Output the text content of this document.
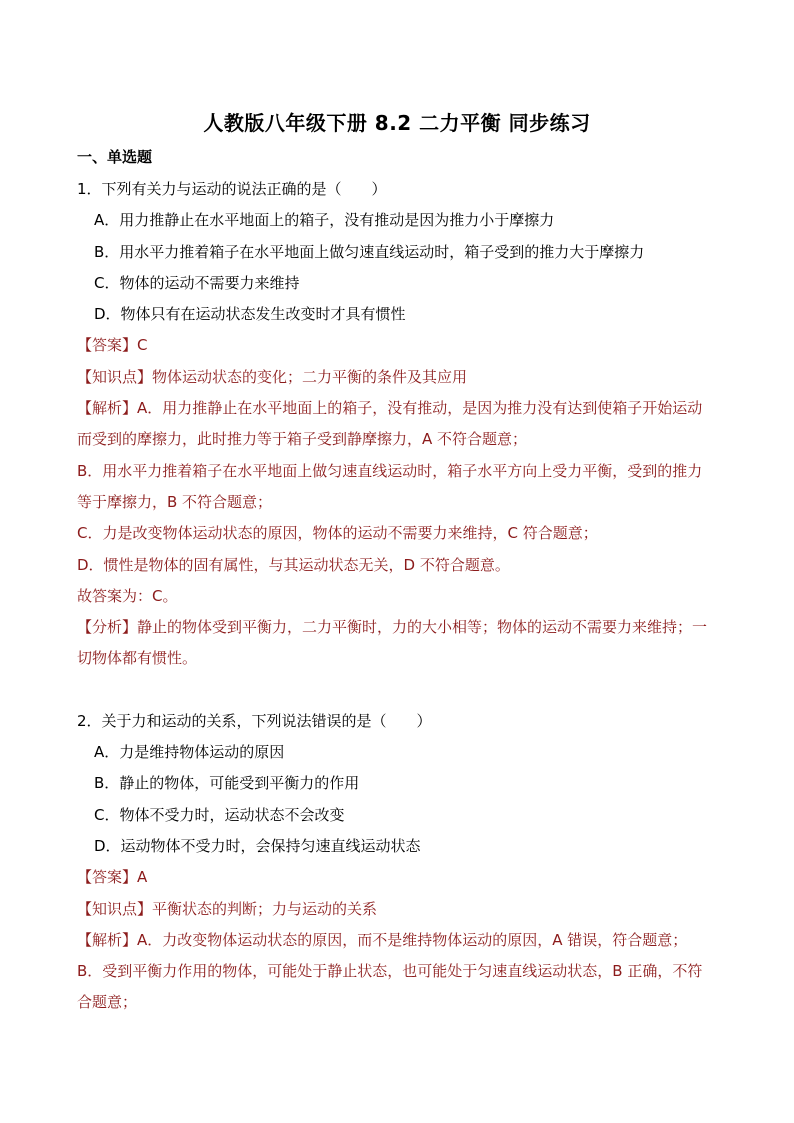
人教版八年级下册 8.2 二力平衡 同步练习
一、单选题
1．下列有关力与运动的说法正确的是（　　）
A．用力推静止在水平地面上的箱子，没有推动是因为推力小于摩擦力
B．用水平力推着箱子在水平地面上做匀速直线运动时，箱子受到的推力大于摩擦力
C．物体的运动不需要力来维持
D．物体只有在运动状态发生改变时才具有惯性
【答案】C
【知识点】物体运动状态的变化；二力平衡的条件及其应用
【解析】A．用力推静止在水平地面上的箱子，没有推动，是因为推力没有达到使箱子开始运动而受到的摩擦力，此时推力等于箱子受到静摩擦力，A 不符合题意；
B．用水平力推着箱子在水平地面上做匀速直线运动时，箱子水平方向上受力平衡，受到的推力等于摩擦力，B 不符合题意；
C．力是改变物体运动状态的原因，物体的运动不需要力来维持，C 符合题意；
D．惯性是物体的固有属性，与其运动状态无关，D 不符合题意。
故答案为：C。
【分析】静止的物体受到平衡力，二力平衡时，力的大小相等；物体的运动不需要力来维持；一切物体都有惯性。
2．关于力和运动的关系，下列说法错误的是（　　）
A．力是维持物体运动的原因
B．静止的物体，可能受到平衡力的作用
C．物体不受力时，运动状态不会改变
D．运动物体不受力时，会保持匀速直线运动状态
【答案】A
【知识点】平衡状态的判断；力与运动的关系
【解析】A．力改变物体运动状态的原因，而不是维持物体运动的原因，A 错误，符合题意；
B．受到平衡力作用的物体，可能处于静止状态，也可能处于匀速直线运动状态，B 正确，不符合题意；
